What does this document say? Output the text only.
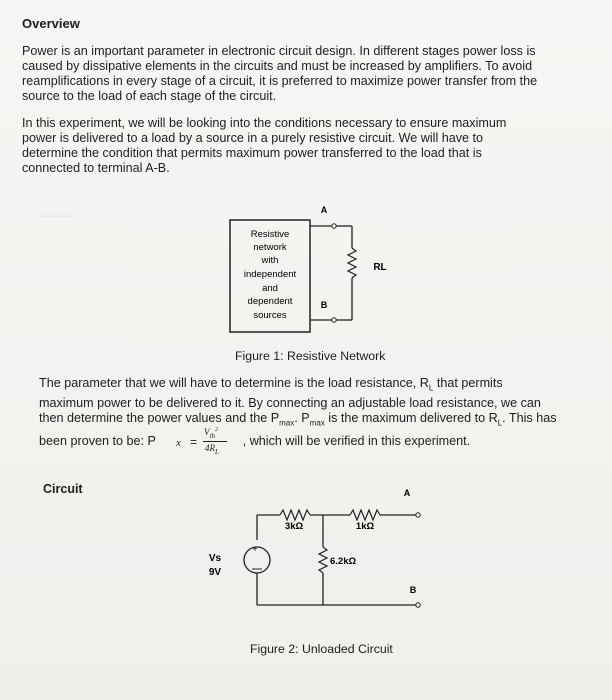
———
Overview
Power is an important parameter in electronic circuit design. In different stages power loss is
caused by dissipative elements in the circuits and must be increased by amplifiers. To avoid
reamplifications in every stage of a circuit, it is preferred to maximize power transfer from the
source to the load of each stage of the circuit.
In this experiment, we will be looking into the conditions necessary to ensure maximum
power is delivered to a load by a source in a purely resistive circuit. We will have to
determine the condition that permits maximum power transferred to the load that is
connected to terminal A-B.
Resistive
network
with
independent
and
dependent
sources
A
B
RL
Figure 1: Resistive Network
The parameter that we will have to determine is the load resistance, $R_L$ that permits
maximum power to be delivered to it. By connecting an adjustable load resistance, we can
then determine the power values and the $P_{max}$. $P_{max}$ is the maximum delivered to $R_L$. This has
been proven to be: P	, which will be verified in this experiment.
x =
$V_{th}^2$
$4R_L$
Circuit
+
3kΩ	1kΩ
6.2kΩ
Vs
9V
A
B
Figure 2: Unloaded Circuit
